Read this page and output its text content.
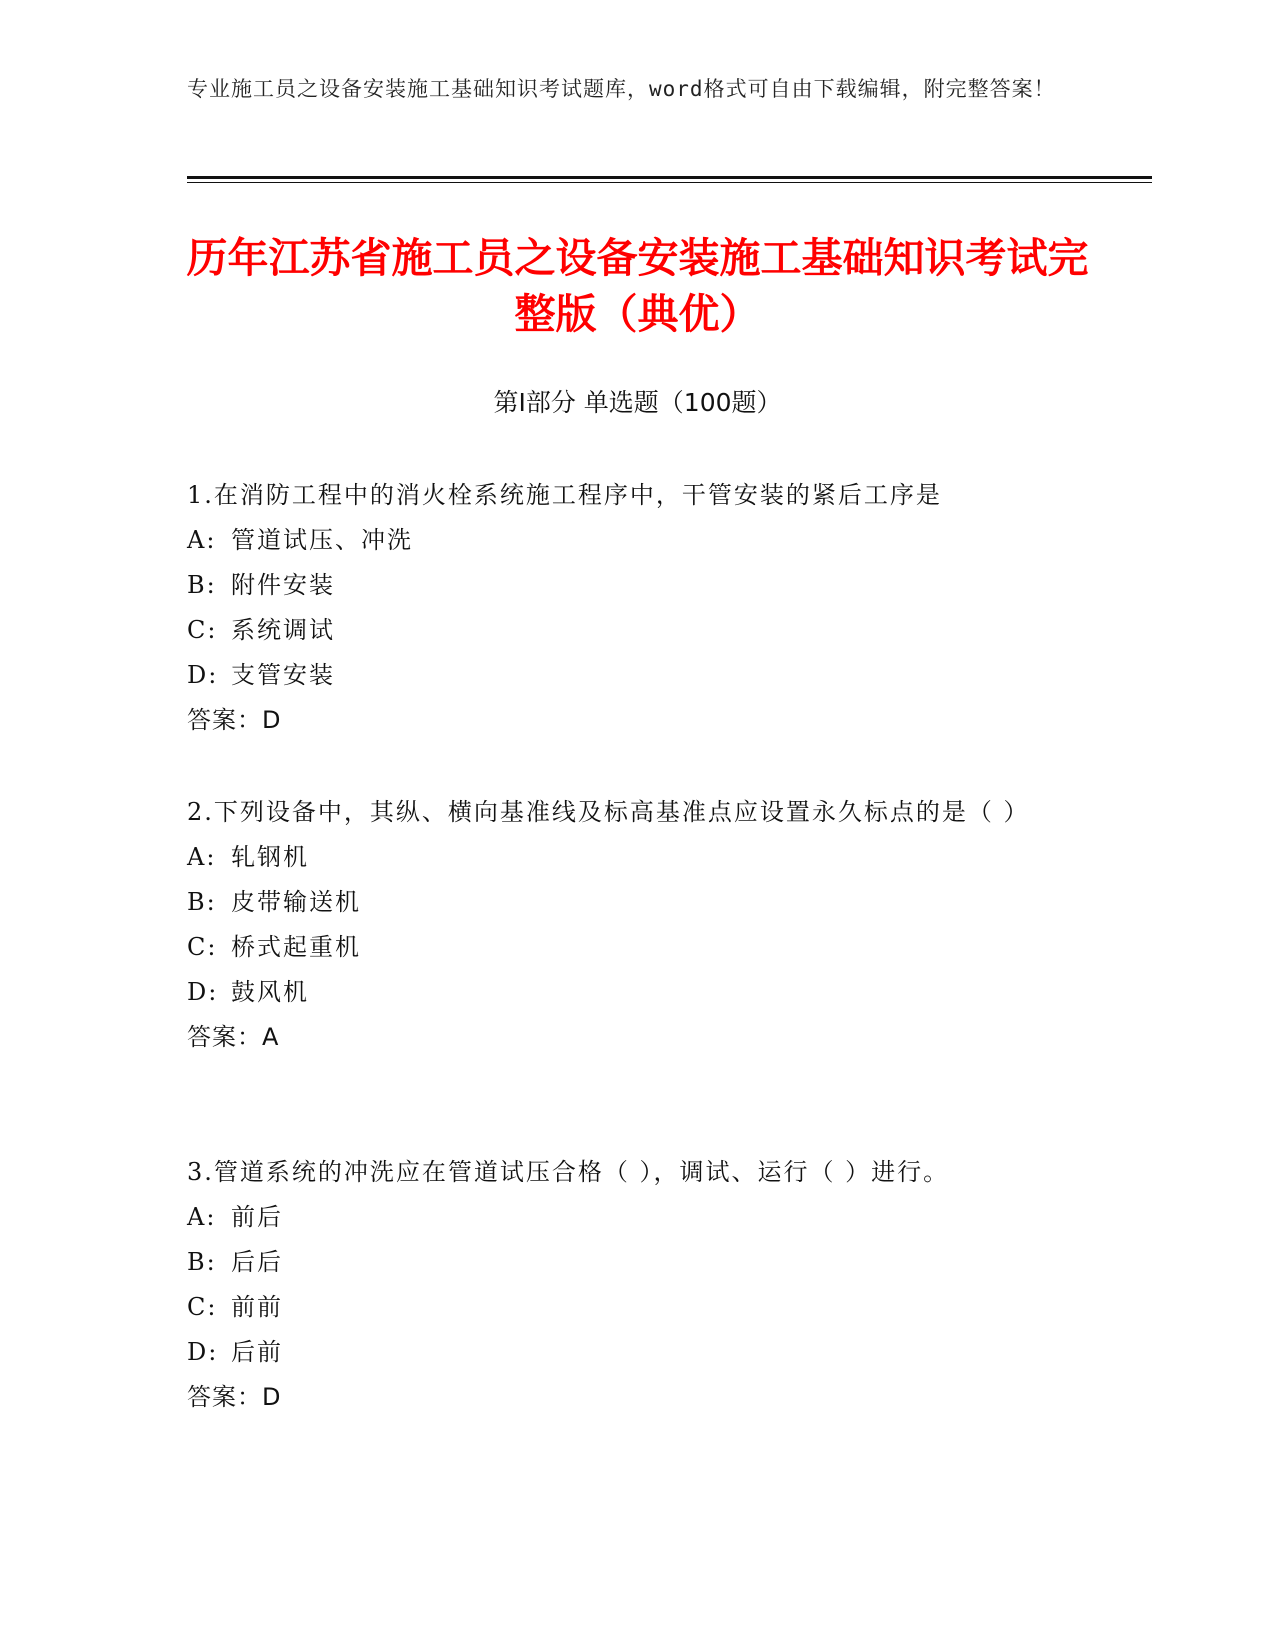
专业施工员之设备安装施工基础知识考试题库，word格式可自由下载编辑，附完整答案！
历年江苏省施工员之设备安装施工基础知识考试完整版（典优）
第Ⅰ部分 单选题（100题）

1.在消防工程中的消火栓系统施工程序中，干管安装的紧后工序是

A: 管道试压、冲洗

B: 附件安装

C: 系统调试

D: 支管安装

答案：D

2.下列设备中，其纵、横向基准线及标高基准点应设置永久标点的是（ ）

A: 轧钢机

B: 皮带输送机

C: 桥式起重机

D: 鼓风机

答案：A

3.管道系统的冲洗应在管道试压合格（ ），调试、运行（ ）进行。

A: 前后

B: 后后

C: 前前

D: 后前

答案：D
